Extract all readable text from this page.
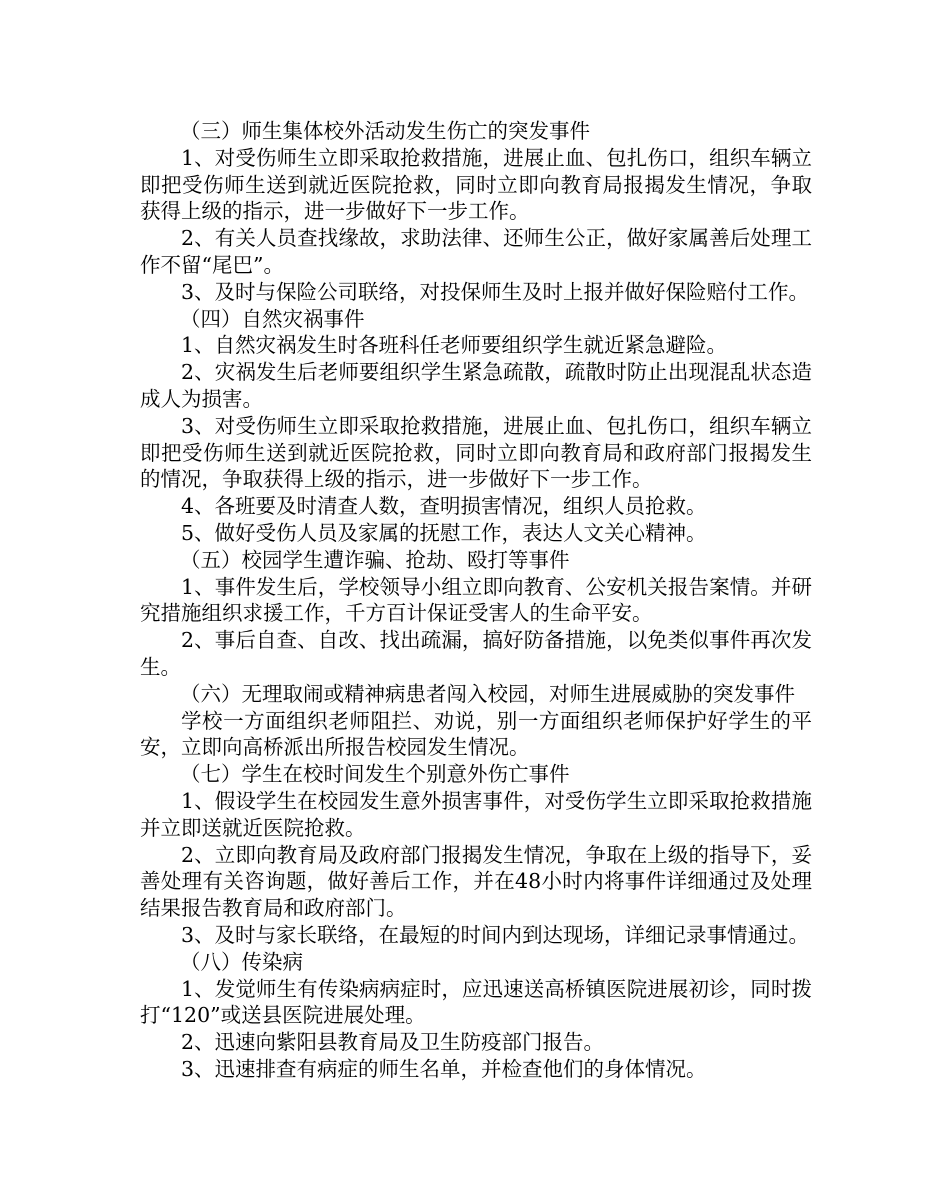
（三）师生集体校外活动发生伤亡的突发事件

1、对受伤师生立即采取抢救措施，进展止血、包扎伤口，组织车辆立即把受伤师生送到就近医院抢救，同时立即向教育局报揭发生情况，争取获得上级的指示，进一步做好下一步工作。

2、有关人员查找缘故，求助法律、还师生公正，做好家属善后处理工作不留“尾巴”。

3、及时与保险公司联络，对投保师生及时上报并做好保险赔付工作。

（四）自然灾祸事件

1、自然灾祸发生时各班科任老师要组织学生就近紧急避险。

2、灾祸发生后老师要组织学生紧急疏散，疏散时防止出现混乱状态造成人为损害。

3、对受伤师生立即采取抢救措施，进展止血、包扎伤口，组织车辆立即把受伤师生送到就近医院抢救，同时立即向教育局和政府部门报揭发生的情况，争取获得上级的指示，进一步做好下一步工作。

4、各班要及时清查人数，查明损害情况，组织人员抢救。

5、做好受伤人员及家属的抚慰工作，表达人文关心精神。

（五）校园学生遭诈骗、抢劫、殴打等事件

1、事件发生后，学校领导小组立即向教育、公安机关报告案情。并研究措施组织求援工作，千方百计保证受害人的生命平安。

2、事后自查、自改、找出疏漏，搞好防备措施，以免类似事件再次发生。

（六）无理取闹或精神病患者闯入校园，对师生进展威胁的突发事件

学校一方面组织老师阻拦、劝说，别一方面组织老师保护好学生的平安，立即向高桥派出所报告校园发生情况。

（七）学生在校时间发生个别意外伤亡事件

1、假设学生在校园发生意外损害事件，对受伤学生立即采取抢救措施并立即送就近医院抢救。

2、立即向教育局及政府部门报揭发生情况，争取在上级的指导下，妥善处理有关咨询题，做好善后工作，并在48小时内将事件详细通过及处理结果报告教育局和政府部门。

3、及时与家长联络，在最短的时间内到达现场，详细记录事情通过。

（八）传染病

1、发觉师生有传染病病症时，应迅速送高桥镇医院进展初诊，同时拨打“120”或送县医院进展处理。

2、迅速向紫阳县教育局及卫生防疫部门报告。

3、迅速排查有病症的师生名单，并检查他们的身体情况。
